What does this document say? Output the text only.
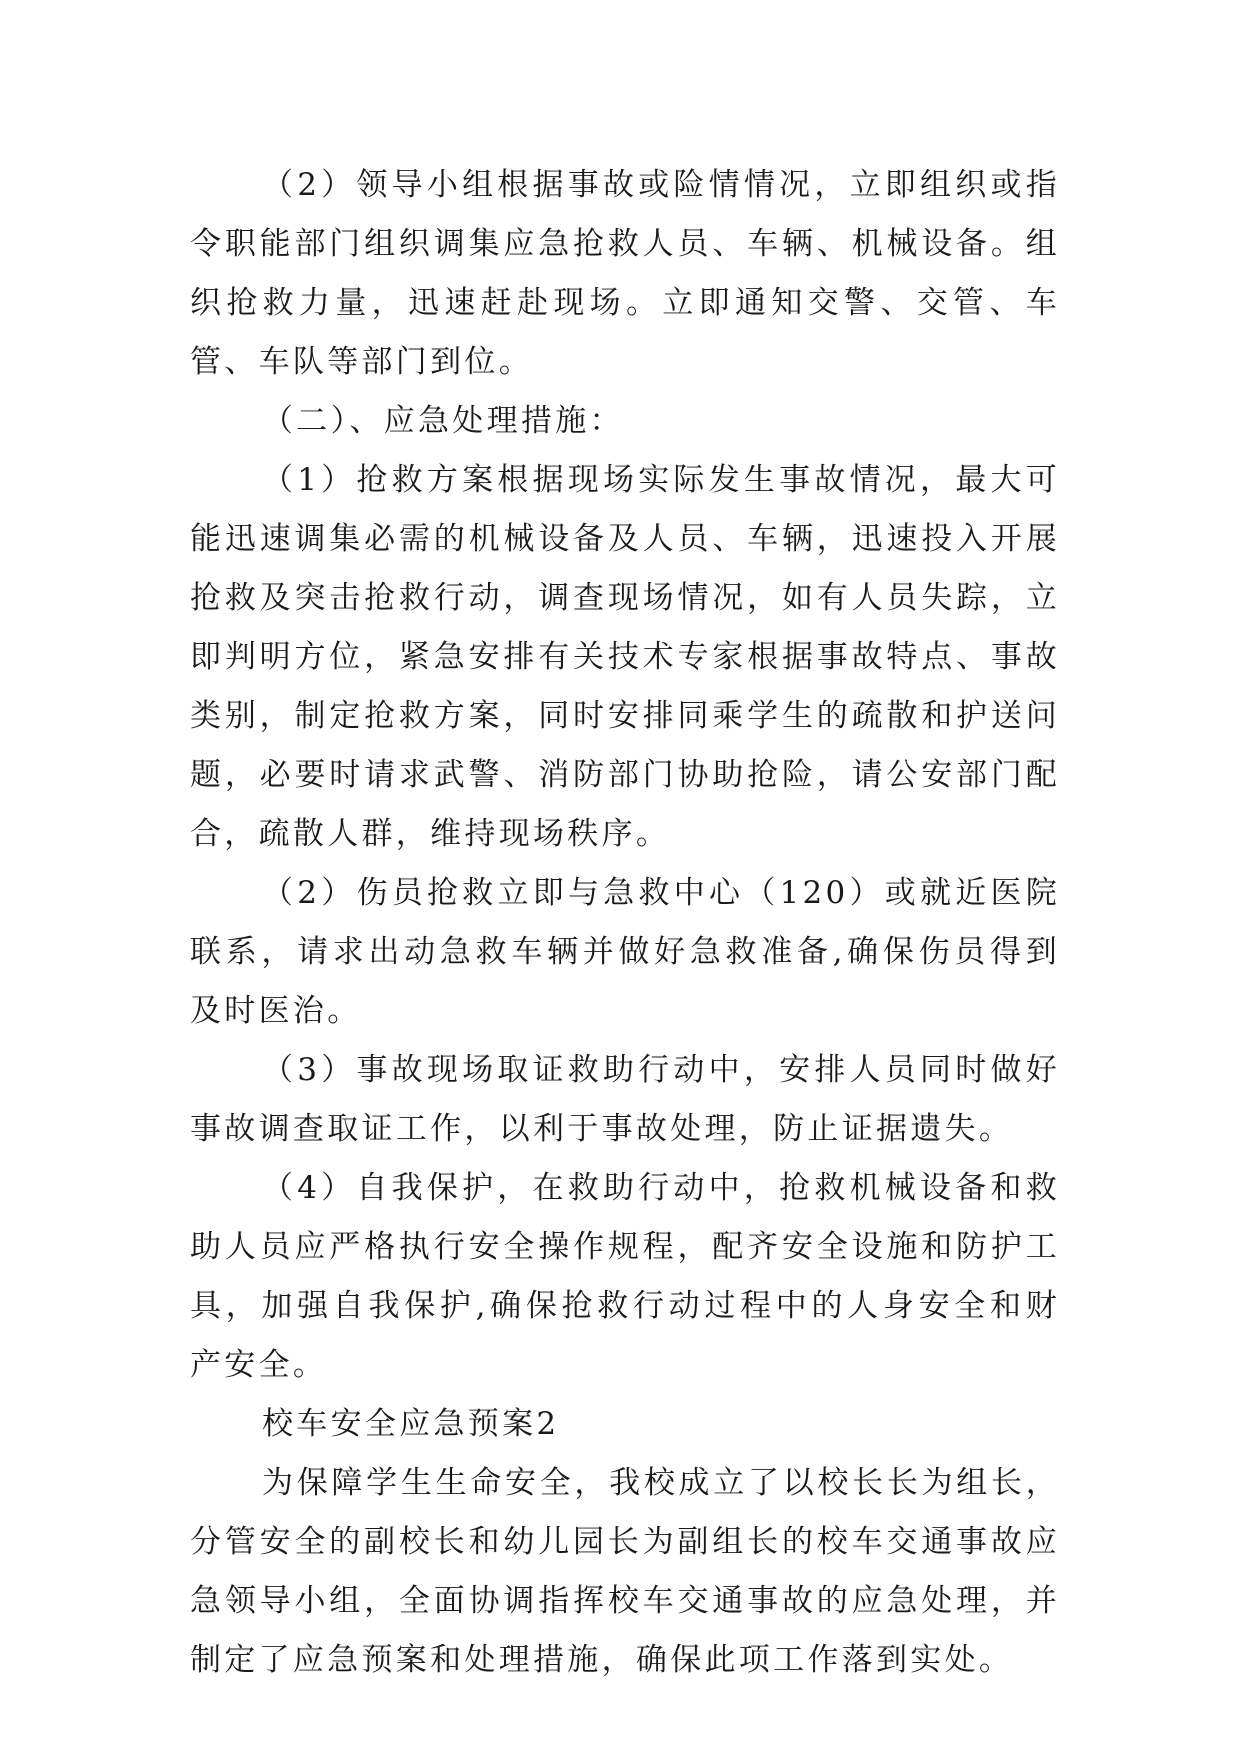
（2）领导小组根据事故或险情情况，立即组织或指令职能部门组织调集应急抢救人员、车辆、机械设备。组织抢救力量，迅速赶赴现场。立即通知交警、交管、车管、车队等部门到位。

（二）、应急处理措施：

（1）抢救方案根据现场实际发生事故情况，最大可能迅速调集必需的机械设备及人员、车辆，迅速投入开展抢救及突击抢救行动，调查现场情况，如有人员失踪，立即判明方位，紧急安排有关技术专家根据事故特点、事故类别，制定抢救方案，同时安排同乘学生的疏散和护送问题，必要时请求武警、消防部门协助抢险，请公安部门配合，疏散人群，维持现场秩序。

（2）伤员抢救立即与急救中心（120）或就近医院联系，请求出动急救车辆并做好急救准备,确保伤员得到及时医治。

（3）事故现场取证救助行动中，安排人员同时做好事故调查取证工作，以利于事故处理，防止证据遗失。

（4）自我保护，在救助行动中，抢救机械设备和救助人员应严格执行安全操作规程，配齐安全设施和防护工具，加强自我保护,确保抢救行动过程中的人身安全和财产安全。

校车安全应急预案2

为保障学生生命安全，我校成立了以校长长为组长，分管安全的副校长和幼儿园长为副组长的校车交通事故应急领导小组，全面协调指挥校车交通事故的应急处理，并制定了应急预案和处理措施，确保此项工作落到实处。
